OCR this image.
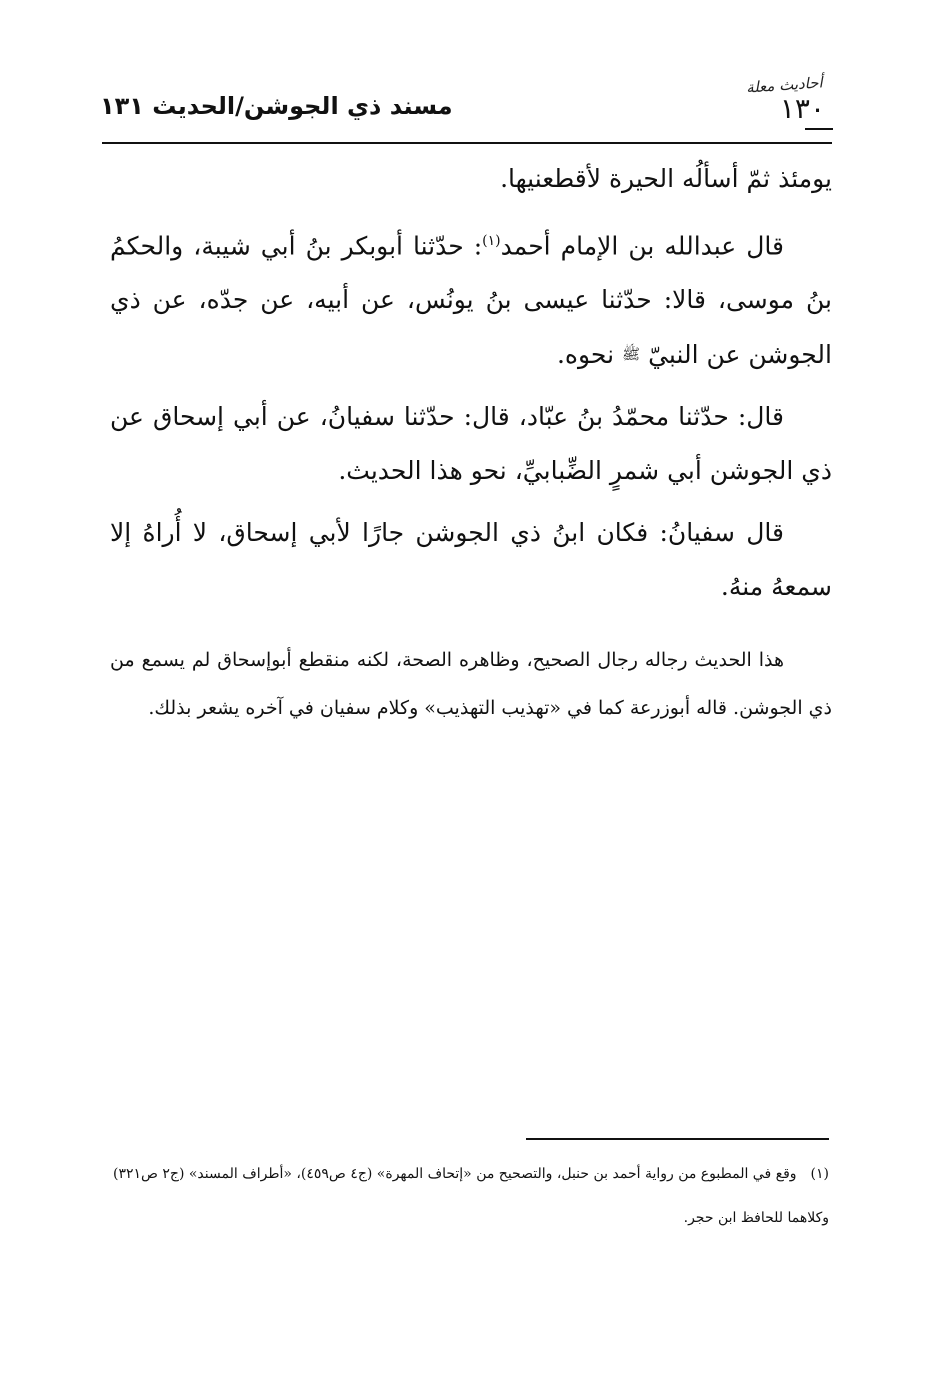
مسند ذي الجوشن/الحديث ١٣١
أحاديث معلة
١٣٠

يومئذ ثمّ أسألُه الحيرة لأقطعنيها.

قال عبدالله بن الإمام أحمد$^{(١)}$: حدّثنا أبوبكر بنُ أبي شيبة، والحكمُ بنُ موسى، قالا: حدّثنا عيسى بنُ يونُس، عن أبيه، عن جدّه، عن ذي الجوشن عن النبيّ ﷺ نحوه.

قال: حدّثنا محمّدُ بنُ عبّاد، قال: حدّثنا سفيانُ، عن أبي إسحاق عن ذي الجوشن أبي شمرٍ الضِّبابيِّ، نحو هذا الحديث.

قال سفيانُ: فكان ابنُ ذي الجوشن جارًا لأبي إسحاق، لا أُراهُ إلا سمعهُ منهُ.

هذا الحديث رجاله رجال الصحيح، وظاهره الصحة، لكنه منقطع أبوإسحاق لم يسمع من ذي الجوشن. قاله أبوزرعة كما في «تهذيب التهذيب» وكلام سفيان في آخره يشعر بذلك.

(١)وقع في المطبوع من رواية أحمد بن حنبل، والتصحيح من «إتحاف المهرة» (ج٤ ص٤٥٩)، «أطراف المسند» (ج٢ ص٣٢١) وكلاهما للحافظ ابن حجر.
